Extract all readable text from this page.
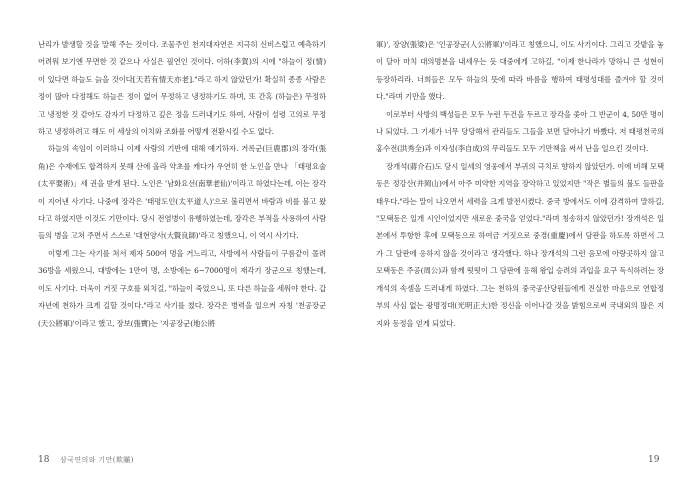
난리가 발생할 것을 말해 주는 것이다. 조물주인 천지대자연은 지극히 신비스럽고 예측하기 어려워 보기엔 무면한 것 같으나 사실은 필연인 것이다. 이하(李賀)의 시에 "하늘이 정(情)이 있다면 하늘도 늙을 것이다[天若有情天亦老]."라고 하지 않았던가! 확실히 종종 사람은 정이 많아 다정해도 하늘은 정이 없어 무정하고 냉정하기도 하며, 또 간혹 (하늘은) 무정하고 냉정한 것 같아도 감자기 다정하고 깊은 정을 드러내기도 하여, 사람이 설령 고의로 무정하고 냉정하려고 해도 이 세상의 이치와 조화를 어떻게 전환시킬 수도 없다.

하늘의 속임이 이러하니 이제 사람의 기반에 대해 얘기하자. 거록군(巨鹿郡)의 장각(張角)은 수재에도 합격하지 못해 산에 올라 약초를 캐다가 우연히 한 노인을 만나 「태평요술(太平要術)」세 권을 받게 된다. 노인은 '남화요선(南華老仙)'이라고 하였다는데, 이는 장각이 지어낸 사기다. 나중에 장각은 '태평도인(太平道人)'으로 불리면서 바람과 비를 불고 왔다고 하였지만 이것도 기만이다. 당시 전염병이 유행하였는데, 장각은 부적을 사용하여 사람들의 병을 고쳐 주면서 스스로 '대현양사(大賢良師)'라고 칭했으니, 이 역시 사기다.

이렇게 그는 사기를 쳐서 제자 500여 명을 거느리고, 사방에서 사람들이 구름같이 몰려 36방을 세웠으니, 대방에는 1만여 명, 소방에는 6~7000명이 재각기 장군으로 칭했는데, 이도 사기다. 더욱이 거짓 구호를 외치길, "하늘이 죽었으니, 또 다른 하늘을 세워야 한다. 갑자년에 천하가 크게 길할 것이다."라고 사기를 쳤다. 장각은 병력을 일으켜 자칭 '천공장군(天公將軍)'이라고 했고, 장보(張寶)는 '지공장군(地公將

軍)', 장양(張梁)은 '인공장군(人公將軍)'이라고 칭했으니, 이도 사기이다. 그리고 갓밭을 놓이 달아 마치 대의명분을 내세우는 듯 대중에게 고하길, "이제 한나라가 망하니 큰 성현이 등장하리라. 너희들은 모두 하늘의 뜻에 따라 바름을 행하여 태평성대를 즐겨야 할 것이다."라며 기만을 했다.

이로부터 사방의 백성들은 모두 누런 두건을 두르고 장각을 좇아 그 반군이 4, 50만 명이나 되었다. 그 기세가 너무 당당해서 관리들도 그들을 보면 달아나기 바빴다. 저 태평천국의 홍수전(洪秀全)과 이자성(李自成)의 무리들도 모두 기만책을 써서 난을 일으킨 것이다.

장개석(蔣介石)도 당시 일세의 영웅에서 부귀의 극치로 향하지 않았던가. 이에 비해 모택동은 정강산(井岡山)에서 아주 미약한 지역을 장악하고 있었지만 "작은 별들의 불도 들판을 태우다."라는 말이 나오면서 세력을 크게 발전시켰다. 중국 방에서도 이에 감격하여 말하길, "모택동은 일개 시인이었지만 새로운 중국을 얻었다."라며 칭송하지 않았던가! 장개석은 일본에서 투항한 후에 모택동으로 하여금 거짓으로 중경(重慶)에서 담판을 하도록 하면서 그가 그 담판에 응하지 않을 것이라고 생각했다. 하나 장개석의 그런 음모에 아랑곳하지 않고 모택동은 주공(周公)과 함께 떳떳이 그 담판에 응해 왕입 승려의 과입을 요구 독식하려는 장개석의 속셈을 드러내게 하였다. 그는 천하의 중국공산당원들에게 진실한 마음으로 연합정부의 사심 없는 광명정대(光明正大)한 정신을 이어나갈 것을 밝힘으로써 국내외의 많은 지지와 동정을 얻게 되었다.

18 삼국연의와 기만(欺瞞)	19
